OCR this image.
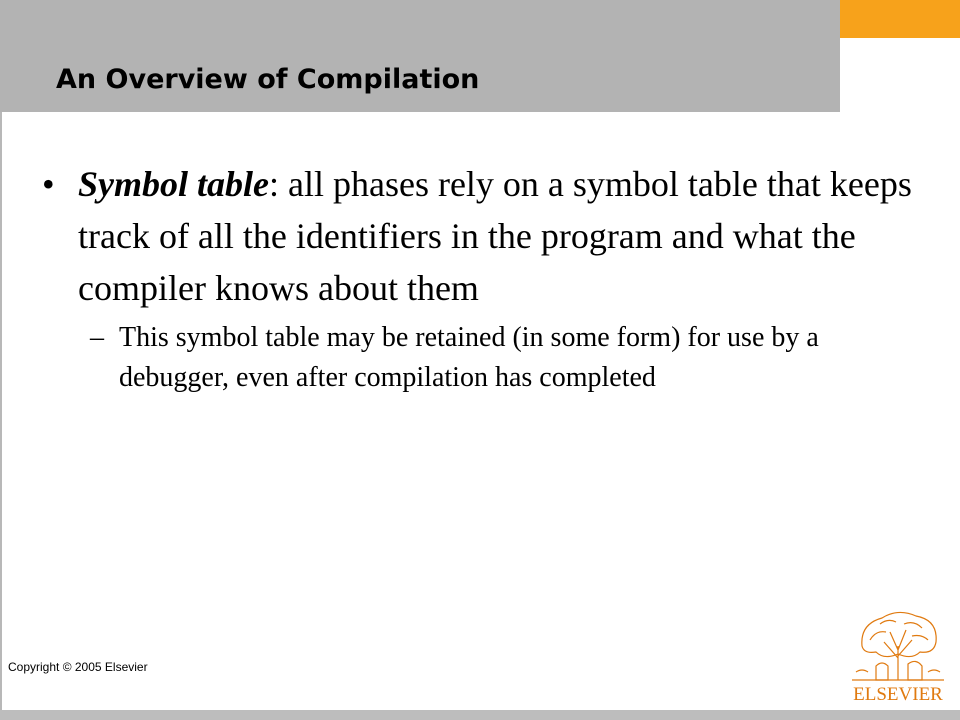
An Overview of Compilation
• Symbol table: all phases rely on a symbol table that keeps track of all the identifiers in the program and what the compiler knows about them
– This symbol table may be retained (in some form) for use by a debugger, even after compilation has completed
Copyright © 2005 Elsevier
ELSEVIER
